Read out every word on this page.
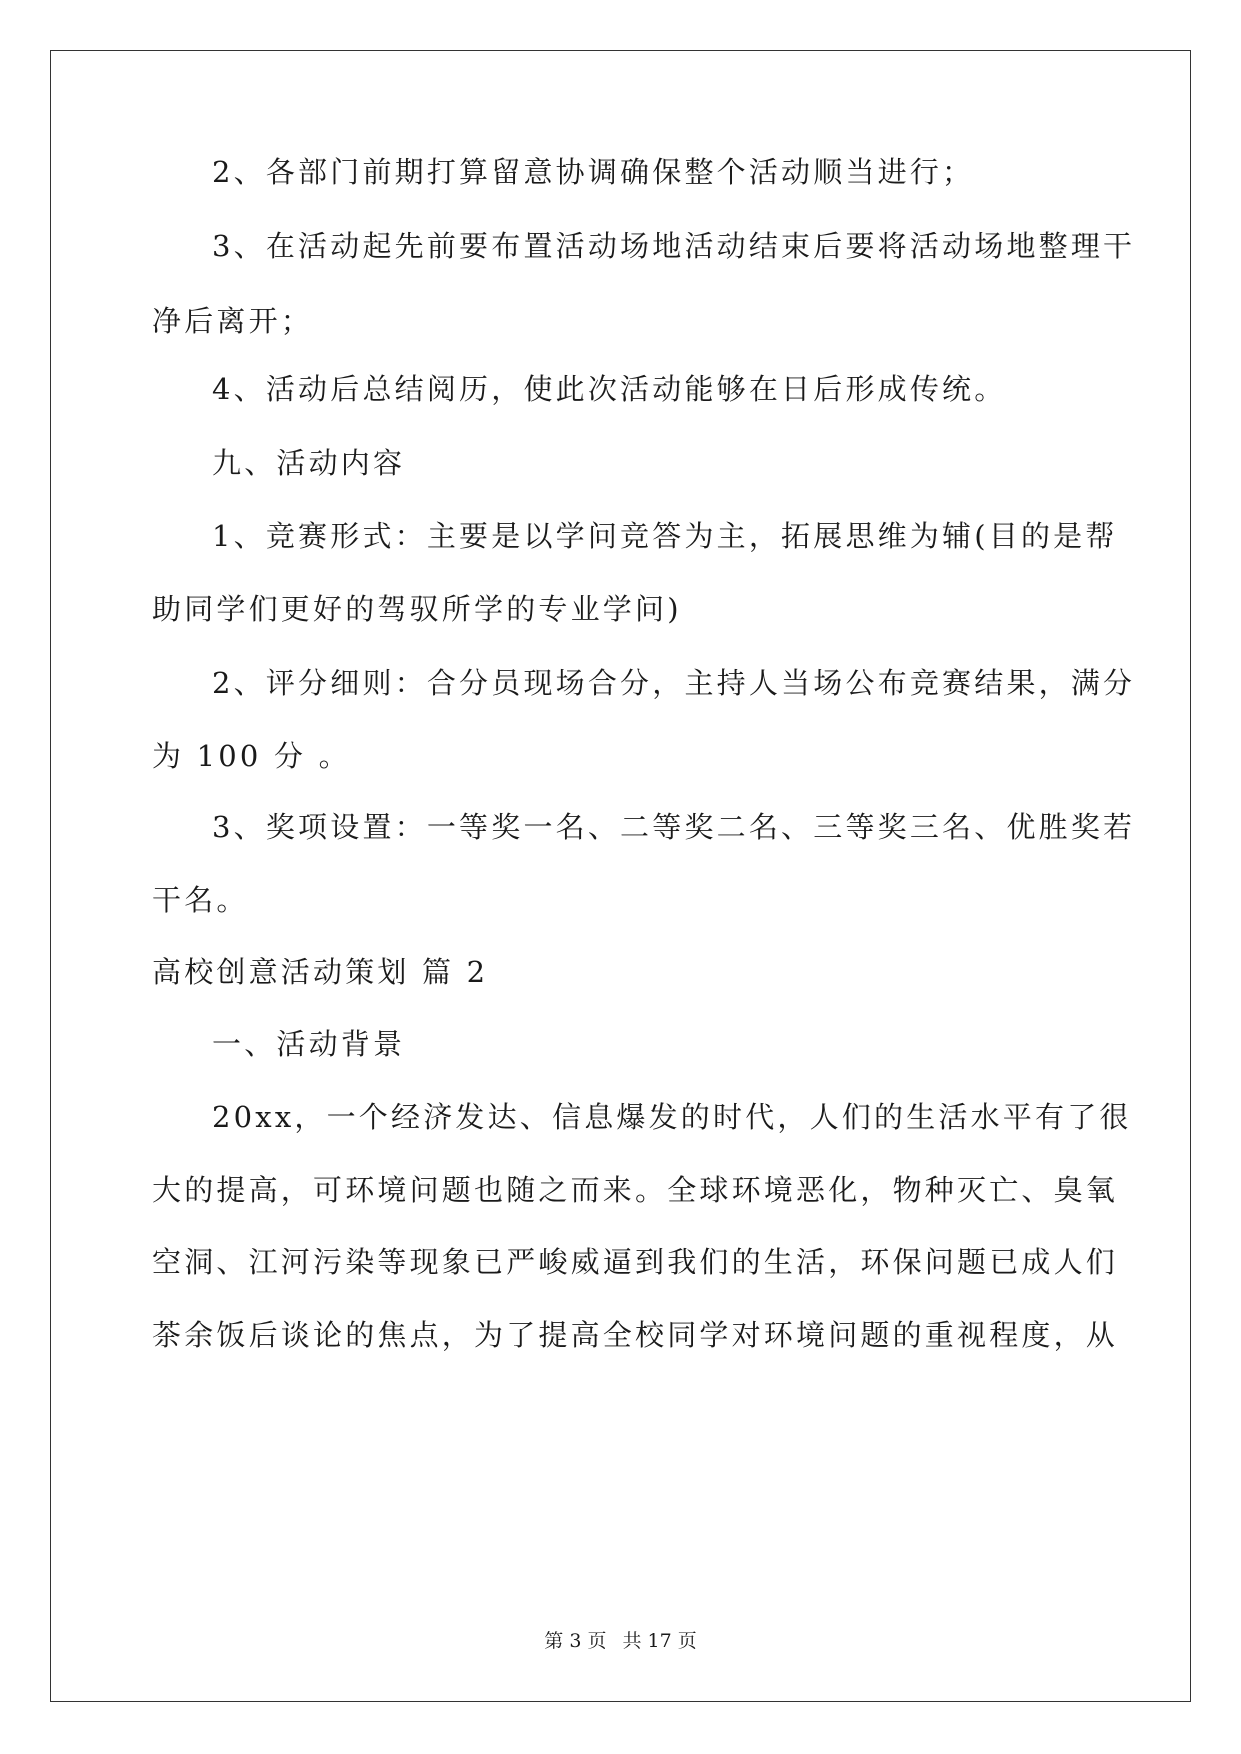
2、各部门前期打算留意协调确保整个活动顺当进行；
3、在活动起先前要布置活动场地活动结束后要将活动场地整理干
净后离开；
4、活动后总结阅历，使此次活动能够在日后形成传统。
九、活动内容
1、竞赛形式：主要是以学问竞答为主，拓展思维为辅(目的是帮
助同学们更好的驾驭所学的专业学问)
2、评分细则：合分员现场合分，主持人当场公布竞赛结果，满分
为 100 分 。
3、奖项设置：一等奖一名、二等奖二名、三等奖三名、优胜奖若
干名。
高校创意活动策划 篇 2
一、活动背景
20xx，一个经济发达、信息爆发的时代，人们的生活水平有了很
大的提高，可环境问题也随之而来。全球环境恶化，物种灭亡、臭氧
空洞、江河污染等现象已严峻威逼到我们的生活，环保问题已成人们
茶余饭后谈论的焦点，为了提高全校同学对环境问题的重视程度，从
第 3 页 共 17 页
